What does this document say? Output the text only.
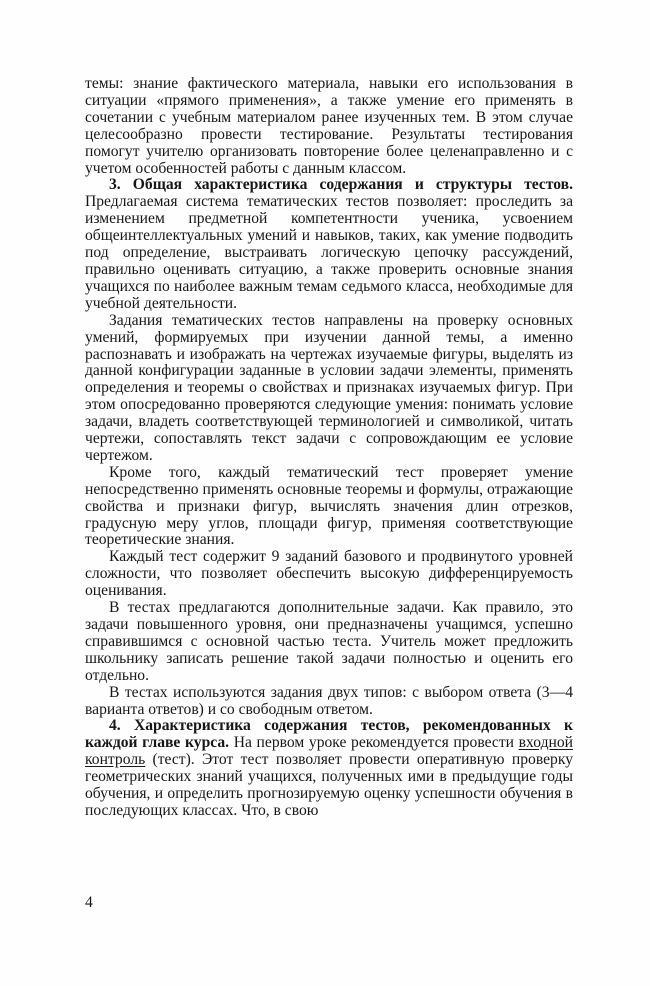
темы: знание фактического материала, навыки его использования в ситуации «прямого применения», а также умение его применять в сочетании с учебным материалом ранее изученных тем. В этом случае целесообразно провести тестирование. Результаты тестирования помогут учителю организовать повторение более целенаправленно и с учетом особенностей работы с данным классом.

3. Общая характеристика содержания и структуры тестов. Предлагаемая система тематических тестов позволяет: проследить за изменением предметной компетентности ученика, усвоением общеинтеллектуальных умений и навыков, таких, как умение подводить под определение, выстраивать логическую цепочку рассуждений, правильно оценивать ситуацию, а также проверить основные знания учащихся по наиболее важным темам седьмого класса, необходимые для учебной деятельности.

Задания тематических тестов направлены на проверку основных умений, формируемых при изучении данной темы, а именно распознавать и изображать на чертежах изучаемые фигуры, выделять из данной конфигурации заданные в условии задачи элементы, применять определения и теоремы о свойствах и признаках изучаемых фигур. При этом опосредованно проверяются следующие умения: понимать условие задачи, владеть соответствующей терминологией и символикой, читать чертежи, сопоставлять текст задачи с сопровождающим ее условие чертежом.

Кроме того, каждый тематический тест проверяет умение непосредственно применять основные теоремы и формулы, отражающие свойства и признаки фигур, вычислять значения длин отрезков, градусную меру углов, площади фигур, применяя соответствующие теоретические знания.

Каждый тест содержит 9 заданий базового и продвинутого уровней сложности, что позволяет обеспечить высокую дифференцируемость оценивания.

В тестах предлагаются дополнительные задачи. Как правило, это задачи повышенного уровня, они предназначены учащимся, успешно справившимся с основной частью теста. Учитель может предложить школьнику записать решение такой задачи полностью и оценить его отдельно.

В тестах используются задания двух типов: с выбором ответа (3—4 варианта ответов) и со свободным ответом.

4. Характеристика содержания тестов, рекомендованных к каждой главе курса. На первом уроке рекомендуется провести входной контроль (тест). Этот тест позволяет провести оперативную проверку геометрических знаний учащихся, полученных ими в предыдущие годы обучения, и определить прогнозируемую оценку успешности обучения в последующих классах. Что, в свою

4
